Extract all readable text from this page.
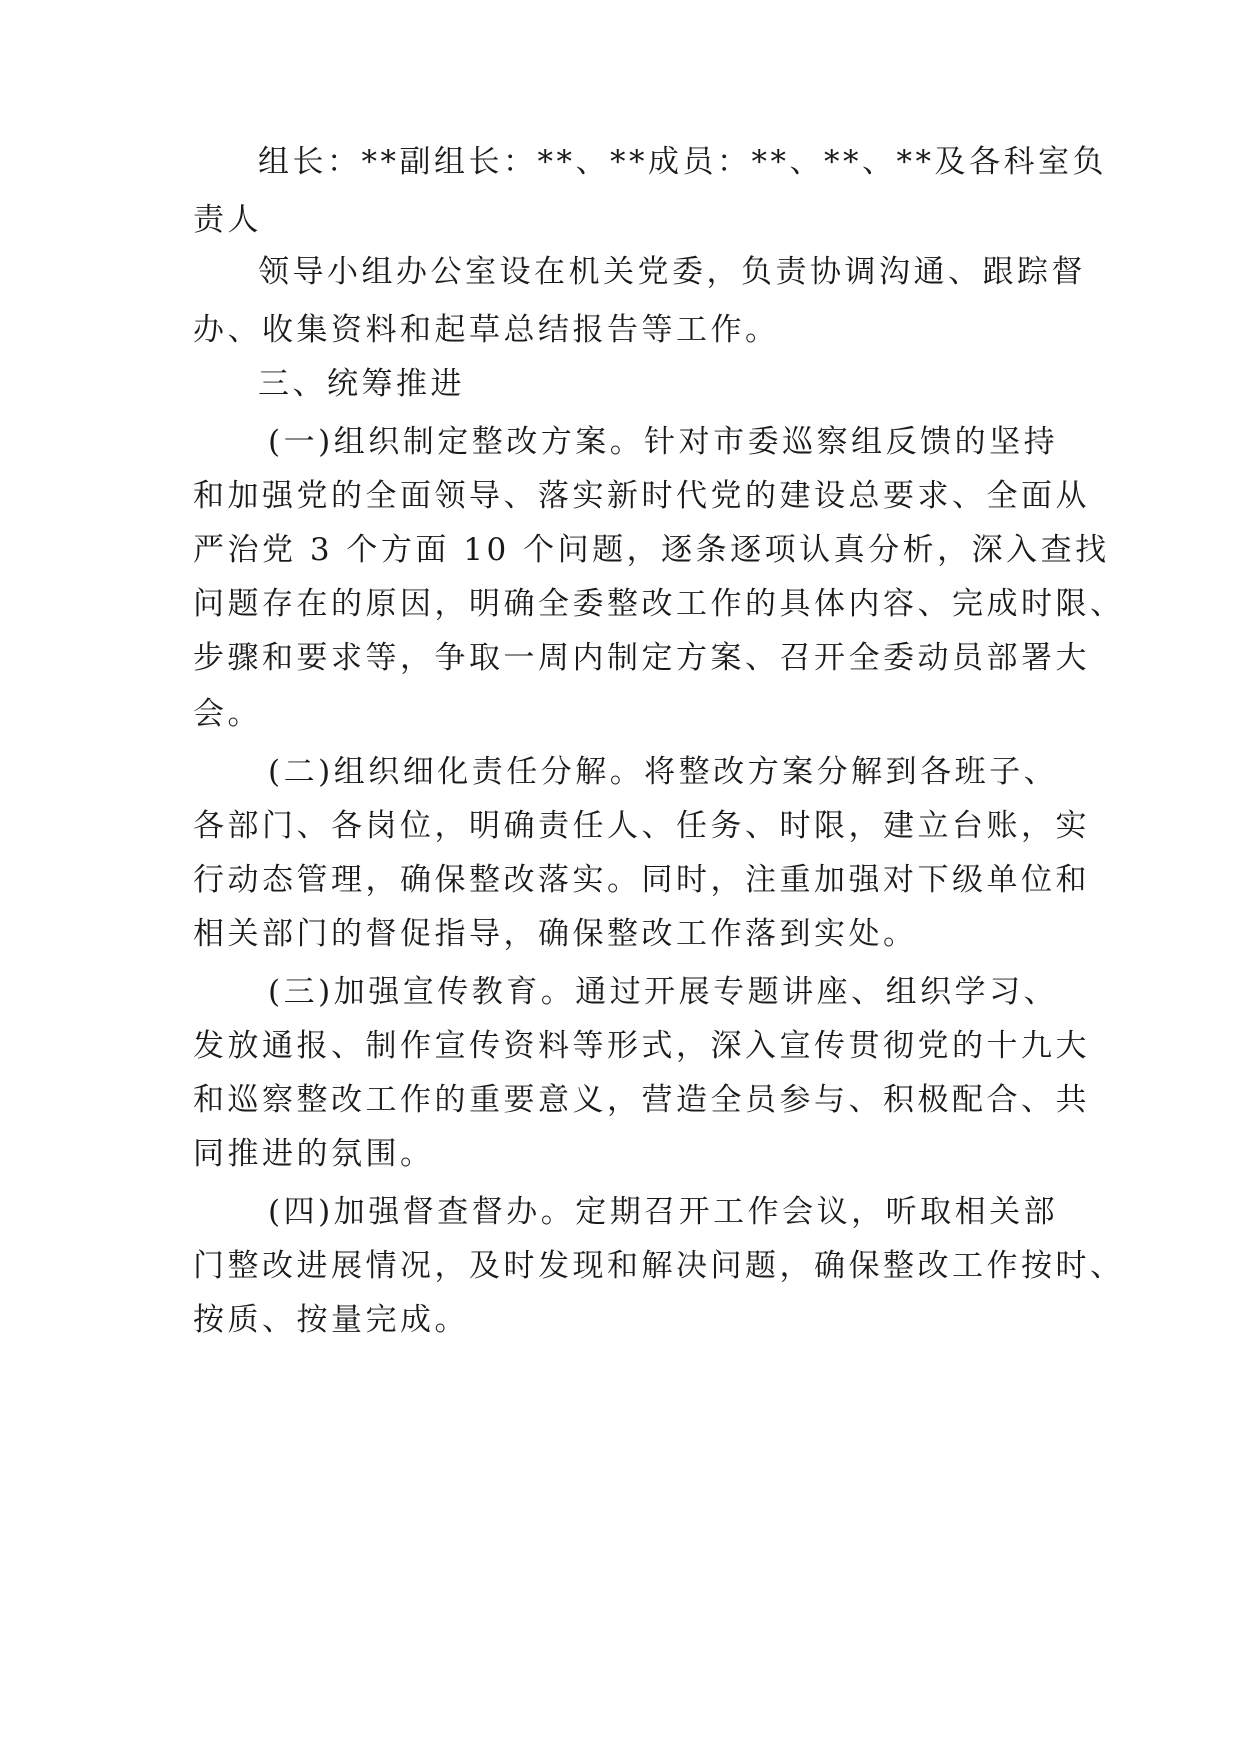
组长：**副组长：**、**成员：**、**、**及各科室负

责人

领导小组办公室设在机关党委，负责协调沟通、跟踪督

办、收集资料和起草总结报告等工作。

三、统筹推进

(一)组织制定整改方案。针对市委巡察组反馈的坚持

和加强党的全面领导、落实新时代党的建设总要求、全面从

严治党 3 个方面 10 个问题，逐条逐项认真分析，深入查找

问题存在的原因，明确全委整改工作的具体内容、完成时限、

步骤和要求等，争取一周内制定方案、召开全委动员部署大

会。

(二)组织细化责任分解。将整改方案分解到各班子、

各部门、各岗位，明确责任人、任务、时限，建立台账，实

行动态管理，确保整改落实。同时，注重加强对下级单位和

相关部门的督促指导，确保整改工作落到实处。

(三)加强宣传教育。通过开展专题讲座、组织学习、

发放通报、制作宣传资料等形式，深入宣传贯彻党的十九大

和巡察整改工作的重要意义，营造全员参与、积极配合、共

同推进的氛围。

(四)加强督查督办。定期召开工作会议，听取相关部

门整改进展情况，及时发现和解决问题，确保整改工作按时、

按质、按量完成。
